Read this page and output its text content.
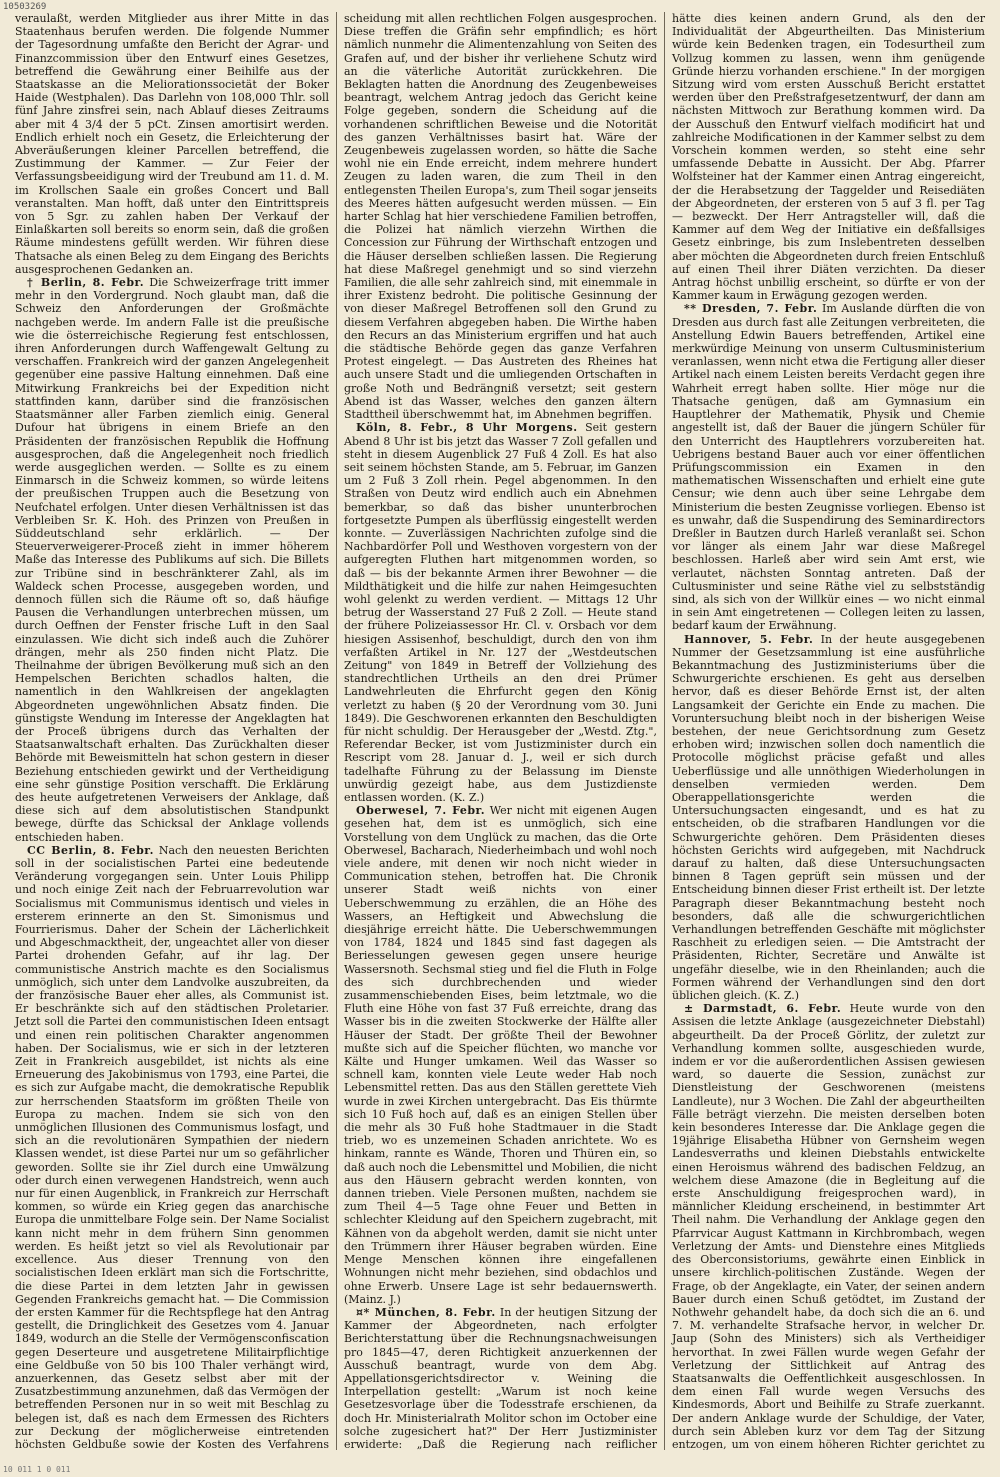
10503269

veraulaßt, werden Mitglieder aus ihrer Mitte in das Staatenhaus berufen werden. Die folgende Nummer der Tagesordnung umfaßte den Bericht der Agrar- und Finanzcommission über den Entwurf eines Gesetzes, betreffend die Gewährung einer Beihilfe aus der Staatskasse an die Meliorationssocietät der Boker Haide (Westphalen). Das Darlehn von 108,000 Thlr. soll fünf Jahre zinsfrei sein, nach Ablauf dieses Zeitraums aber mit 4 3/4 der 5 pCt. Zinsen amortisirt werden. Endlich erhielt noch ein Gesetz, die Erleichterung der Abveräußerungen kleiner Parcellen betreffend, die Zustimmung der Kammer. — Zur Feier der Verfassungsbeeidigung wird der Treubund am 11. d. M. im Krollschen Saale ein großes Concert und Ball veranstalten. Man hofft, daß unter den Eintrittspreis von 5 Sgr. zu zahlen haben Der Verkauf der Einlaßkarten soll bereits so enorm sein, daß die großen Räume mindestens gefüllt werden. Wir führen diese Thatsache als einen Beleg zu dem Eingang des Berichts ausgesprochenen Gedanken an.

† Berlin, 8. Febr. Die Schweizerfrage tritt immer mehr in den Vordergrund. Noch glaubt man, daß die Schweiz den Anforderungen der Großmächte nachgeben werde. Im andern Falle ist die preußische wie die österreichische Regierung fest entschlossen, ihren Anforderungen durch Waffengewalt Geltung zu verschaffen. Frankreich wird der ganzen Angelegenheit gegenüber eine passive Haltung einnehmen. Daß eine Mitwirkung Frankreichs bei der Expedition nicht stattfinden kann, darüber sind die französischen Staatsmänner aller Farben ziemlich einig. General Dufour hat übrigens in einem Briefe an den Präsidenten der französischen Republik die Hoffnung ausgesprochen, daß die Angelegenheit noch friedlich werde ausgeglichen werden. — Sollte es zu einem Einmarsch in die Schweiz kommen, so würde leitens der preußischen Truppen auch die Besetzung von Neufchatel erfolgen. Unter diesen Verhältnissen ist das Verbleiben Sr. K. Hoh. des Prinzen von Preußen in Süddeutschland sehr erklärlich. — Der Steuerverweigerer-Proceß zieht in immer höherem Maße das Interesse des Publikums auf sich. Die Billets zur Tribüne sind in beschränkterer Zahl, als im Waldeck schen Processe, ausgegeben worden, und dennoch füllen sich die Räume oft so, daß häufige Pausen die Verhandlungen unterbrechen müssen, um durch Oeffnen der Fenster frische Luft in den Saal einzulassen. Wie dicht sich indeß auch die Zuhörer drängen, mehr als 250 finden nicht Platz. Die Theilnahme der übrigen Bevölkerung muß sich an den Hempelschen Berichten schadlos halten, die namentlich in den Wahlkreisen der angeklagten Abgeordneten ungewöhnlichen Absatz finden. Die günstigste Wendung im Interesse der Angeklagten hat der Proceß übrigens durch das Verhalten der Staatsanwaltschaft erhalten. Das Zurückhalten dieser Behörde mit Beweismitteln hat schon gestern in dieser Beziehung entschieden gewirkt und der Vertheidigung eine sehr günstige Position verschafft. Die Erklärung des heute aufgetretenen Verweisers der Anklage, daß diese sich auf dem absolutistischen Standpunkt bewege, dürfte das Schicksal der Anklage vollends entschieden haben.

CC Berlin, 8. Febr. Nach den neuesten Berichten soll in der socialistischen Partei eine bedeutende Veränderung vorgegangen sein. Unter Louis Philipp und noch einige Zeit nach der Februarrevolution war Socialismus mit Communismus identisch und vieles in ersterem erinnerte an den St. Simonismus und Fourrierismus. Daher der Schein der Lächerlichkeit und Abgeschmacktheit, der, ungeachtet aller von dieser Partei drohenden Gefahr, auf ihr lag. Der communistische Anstrich machte es den Socialismus unmöglich, sich unter dem Landvolke auszubreiten, da der französische Bauer eher alles, als Communist ist. Er beschränkte sich auf den städtischen Proletarier. Jetzt soll die Partei den communistischen Ideen entsagt und einen rein politischen Charakter angenommen haben. Der Socialismus, wie er sich in der letzteren Zeit in Frankreich ausgebildet, ist nichts als eine Erneuerung des Jakobinismus von 1793, eine Partei, die es sich zur Aufgabe macht, die demokratische Republik zur herrschenden Staatsform im größten Theile von Europa zu machen. Indem sie sich von den unmöglichen Illusionen des Communismus losfagt, und sich an die revolutionären Sympathien der niedern Klassen wendet, ist diese Partei nur um so gefährlicher geworden. Sollte sie ihr Ziel durch eine Umwälzung oder durch einen verwegenen Handstreich, wenn auch nur für einen Augenblick, in Frankreich zur Herrschaft kommen, so würde ein Krieg gegen das anarchische Europa die unmittelbare Folge sein. Der Name Socialist kann nicht mehr in dem frühern Sinn genommen werden. Es heißt jetzt so viel als Revolutionair par excellence. Aus dieser Trennung von den socialistischen Ideen erklärt man sich die Fortschritte, die diese Partei in dem letzten Jahr in gewissen Gegenden Frankreichs gemacht hat. — Die Commission der ersten Kammer für die Rechtspflege hat den Antrag gestellt, die Dringlichkeit des Gesetzes vom 4. Januar 1849, wodurch an die Stelle der Vermögensconfiscation gegen Deserteure und ausgetretene Militairpflichtige eine Geldbuße von 50 bis 100 Thaler verhängt wird, anzuerkennen, das Gesetz selbst aber mit der Zusatzbestimmung anzunehmen, daß das Vermögen der betreffenden Personen nur in so weit mit Beschlag zu belegen ist, daß es nach dem Ermessen des Richters zur Deckung der möglicherweise eintretenden höchsten Geldbuße sowie der Kosten des Verfahrens

scheidung mit allen rechtlichen Folgen ausgesprochen. Diese treffen die Gräfin sehr empfindlich; es hört nämlich nunmehr die Alimentenzahlung von Seiten des Grafen auf, und der bisher ihr verliehene Schutz wird an die väterliche Autorität zurückkehren. Die Beklagten hatten die Anordnung des Zeugenbeweises beantragt, welchem Antrag jedoch das Gericht keine Folge gegeben, sondern die Scheidung auf die vorhandenen schriftlichen Beweise und die Notorität des ganzen Verhältnisses basirt hat. Wäre der Zeugenbeweis zugelassen worden, so hätte die Sache wohl nie ein Ende erreicht, indem mehrere hundert Zeugen zu laden waren, die zum Theil in den entlegensten Theilen Europa's, zum Theil sogar jenseits des Meeres hätten aufgesucht werden müssen. — Ein harter Schlag hat hier verschiedene Familien betroffen, die Polizei hat nämlich vierzehn Wirthen die Concession zur Führung der Wirthschaft entzogen und die Häuser derselben schließen lassen. Die Regierung hat diese Maßregel genehmigt und so sind vierzehn Familien, die alle sehr zahlreich sind, mit einemmale in ihrer Existenz bedroht. Die politische Gesinnung der von dieser Maßregel Betroffenen soll den Grund zu diesem Verfahren abgegeben haben. Die Wirthe haben den Recurs an das Ministerium ergriffen und hat auch die städtische Behörde gegen das ganze Verfahren Protest eingelegt. — Das Austreten des Rheines hat auch unsere Stadt und die umliegenden Ortschaften in große Noth und Bedrängniß versetzt; seit gestern Abend ist das Wasser, welches den ganzen ältern Stadttheil überschwemmt hat, im Abnehmen begriffen.

Köln, 8. Febr., 8 Uhr Morgens. Seit gestern Abend 8 Uhr ist bis jetzt das Wasser 7 Zoll gefallen und steht in diesem Augenblick 27 Fuß 4 Zoll. Es hat also seit seinem höchsten Stande, am 5. Februar, im Ganzen um 2 Fuß 3 Zoll rhein. Pegel abgenommen. In den Straßen von Deutz wird endlich auch ein Abnehmen bemerkbar, so daß das bisher ununterbrochen fortgesetzte Pumpen als überflüssig eingestellt werden konnte. — Zuverlässigen Nachrichten zufolge sind die Nachbardörfer Poll und Westhoven vorgestern von der aufgeregten Fluthen hart mitgenommen worden, so daß — bis der bekannte Armen ihrer Bewohner — die Mildthätigkeit und die hilfe zur nahen Heimgesuchten wohl gelenkt zu werden verdient. — Mittags 12 Uhr betrug der Wasserstand 27 Fuß 2 Zoll. — Heute stand der frühere Polizeiassessor Hr. Cl. v. Orsbach vor dem hiesigen Assisenhof, beschuldigt, durch den von ihm verfaßten Artikel in Nr. 127 der „Westdeutschen Zeitung" von 1849 in Betreff der Vollziehung des standrechtlichen Urtheils an den drei Prümer Landwehrleuten die Ehrfurcht gegen den König verletzt zu haben (§ 20 der Verordnung vom 30. Juni 1849). Die Geschworenen erkannten den Beschuldigten für nicht schuldig. Der Herausgeber der „Westd. Ztg.", Referendar Becker, ist vom Justizminister durch ein Rescript vom 28. Januar d. J., weil er sich durch tadelhafte Führung zu der Belassung im Dienste unwürdig gezeigt habe, aus dem Justizdienste entlassen worden. (K. Z.)

Oberwesel, 7. Febr. Wer nicht mit eigenen Augen gesehen hat, dem ist es unmöglich, sich eine Vorstellung von dem Unglück zu machen, das die Orte Oberwesel, Bacharach, Niederheimbach und wohl noch viele andere, mit denen wir noch nicht wieder in Communication stehen, betroffen hat. Die Chronik unserer Stadt weiß nichts von einer Ueberschwemmung zu erzählen, die an Höhe des Wassers, an Heftigkeit und Abwechslung die diesjährige erreicht hätte. Die Ueberschwemmungen von 1784, 1824 und 1845 sind fast dagegen als Beriesselungen gewesen gegen unsere heurige Wassersnoth. Sechsmal stieg und fiel die Fluth in Folge des sich durchbrechenden und wieder zusammenschiebenden Eises, beim letztmale, wo die Fluth eine Höhe von fast 37 Fuß erreichte, drang das Wasser bis in die zweiten Stockwerke der Hälfte aller Häuser der Stadt. Der größte Theil der Bewohner mußte sich auf die Speicher flüchten, wo manche vor Kälte und Hunger umkamen. Weil das Wasser so schnell kam, konnten viele Leute weder Hab noch Lebensmittel retten. Das aus den Ställen gerettete Vieh wurde in zwei Kirchen untergebracht. Das Eis thürmte sich 10 Fuß hoch auf, daß es an einigen Stellen über die mehr als 30 Fuß hohe Stadtmauer in die Stadt trieb, wo es unzemeinen Schaden anrichtete. Wo es hinkam, rannte es Wände, Thoren und Thüren ein, so daß auch noch die Lebensmittel und Mobilien, die nicht aus den Häusern gebracht werden konnten, von dannen trieben. Viele Personen mußten, nachdem sie zum Theil 4—5 Tage ohne Feuer und Betten in schlechter Kleidung auf den Speichern zugebracht, mit Kähnen von da abgeholt werden, damit sie nicht unter den Trümmern ihrer Häuser begraben würden. Eine Menge Menschen können ihre eingefallenen Wohnungen nicht mehr beziehen, sind obdachlos und ohne Erwerb. Unsere Lage ist sehr bedauernswerth. (Mainz. J.)

¤* München, 8. Febr. In der heutigen Sitzung der Kammer der Abgeordneten, nach erfolgter Berichterstattung über die Rechnungsnachweisungen pro 1845—47, deren Richtigkeit anzuerkennen der Ausschuß beantragt, wurde von dem Abg. Appellationsgerichtsdirector v. Weining die Interpellation gestellt: „Warum ist noch keine Gesetzesvorlage über die Todesstrafe erschienen, da doch Hr. Ministerialrath Molitor schon im October eine solche zugesichert hat?" Der Herr Justizminister erwiderte: „Daß die Regierung nach reiflicher

hätte dies keinen andern Grund, als den der Individualität der Abgeurtheilten. Das Ministerium würde kein Bedenken tragen, ein Todesurtheil zum Vollzug kommen zu lassen, wenn ihm genügende Gründe hierzu vorhanden erschiene." In der morgigen Sitzung wird vom ersten Ausschuß Bericht erstattet werden über den Preßstrafgesetzentwurf, der dann am nächsten Mittwoch zur Berathung kommen wird. Da der Ausschuß den Entwurf vielfach modificirt hat und zahlreiche Modificationen in der Kammer selbst zu dem Vorschein kommen werden, so steht eine sehr umfassende Debatte in Aussicht. Der Abg. Pfarrer Wolfsteiner hat der Kammer einen Antrag eingereicht, der die Herabsetzung der Taggelder und Reisediäten der Abgeordneten, der ersteren von 5 auf 3 fl. per Tag — bezweckt. Der Herr Antragsteller will, daß die Kammer auf dem Weg der Initiative ein deßfallsiges Gesetz einbringe, bis zum Inslebentreten desselben aber möchten die Abgeordneten durch freien Entschluß auf einen Theil ihrer Diäten verzichten. Da dieser Antrag höchst unbillig erscheint, so dürfte er von der Kammer kaum in Erwägung gezogen werden.

** Dresden, 7. Febr. Im Auslande dürften die von Dresden aus durch fast alle Zeitungen verbreiteten, die Anstellung Edwin Bauers betreffenden, Artikel eine merkwürdige Meinung von unserm Cultusministerium veranlassen, wenn nicht etwa die Fertigung aller dieser Artikel nach einem Leisten bereits Verdacht gegen ihre Wahrheit erregt haben sollte. Hier möge nur die Thatsache genügen, daß am Gymnasium ein Hauptlehrer der Mathematik, Physik und Chemie angestellt ist, daß der Bauer die jüngern Schüler für den Unterricht des Hauptlehrers vorzubereiten hat. Uebrigens bestand Bauer auch vor einer öffentlichen Prüfungscommission ein Examen in den mathematischen Wissenschaften und erhielt eine gute Censur; wie denn auch über seine Lehrgabe dem Ministerium die besten Zeugnisse vorliegen. Ebenso ist es unwahr, daß die Suspendirung des Seminardirectors Dreßler in Bautzen durch Harleß veranlaßt sei. Schon vor länger als einem Jahr war diese Maßregel beschlossen. Harleß aber wird sein Amt erst, wie verlautet, nächsten Sonntag antreten. Daß der Cultusminister und seine Räthe viel zu selbstständig sind, als sich von der Willkür eines — wo nicht einmal in sein Amt eingetretenen — Collegen leiten zu lassen, bedarf kaum der Erwähnung.

Hannover, 5. Febr. In der heute ausgegebenen Nummer der Gesetzsammlung ist eine ausführliche Bekanntmachung des Justizministeriums über die Schwurgerichte erschienen. Es geht aus derselben hervor, daß es dieser Behörde Ernst ist, der alten Langsamkeit der Gerichte ein Ende zu machen. Die Voruntersuchung bleibt noch in der bisherigen Weise bestehen, der neue Gerichtsordnung zum Gesetz erhoben wird; inzwischen sollen doch namentlich die Protocolle möglichst präcise gefaßt und alles Ueberflüssige und alle unnöthigen Wiederholungen in denselben vermieden werden. Dem Oberappellationsgerichte werden die Untersuchungsacten eingesandt, und es hat zu entscheiden, ob die strafbaren Handlungen vor die Schwurgerichte gehören. Dem Präsidenten dieses höchsten Gerichts wird aufgegeben, mit Nachdruck darauf zu halten, daß diese Untersuchungsacten binnen 8 Tagen geprüft sein müssen und der Entscheidung binnen dieser Frist ertheilt ist. Der letzte Paragraph dieser Bekanntmachung besteht noch besonders, daß alle die schwurgerichtlichen Verhandlungen betreffenden Geschäfte mit möglichster Raschheit zu erledigen seien. — Die Amtstracht der Präsidenten, Richter, Secretäre und Anwälte ist ungefähr dieselbe, wie in den Rheinlanden; auch die Formen während der Verhandlungen sind den dort üblichen gleich. (K. Z.)

± Darmstadt, 6. Febr. Heute wurde von den Assisen die letzte Anklage (ausgezeichneter Diebstahl) abgeurtheilt. Da der Proceß Görlitz, der zuletzt zur Verhandlung kommen sollte, ausgeschieden wurde, indem er vor die außerordentlichen Assisen gewiesen ward, so dauerte die Session, zunächst zur Dienstleistung der Geschworenen (meistens Landleute), nur 3 Wochen. Die Zahl der abgeurtheilten Fälle beträgt vierzehn. Die meisten derselben boten kein besonderes Interesse dar. Die Anklage gegen die 19jährige Elisabetha Hübner von Gernsheim wegen Landesverraths und kleinen Diebstahls entwickelte einen Heroismus während des badischen Feldzug, an welchem diese Amazone (die in Begleitung auf die erste Anschuldigung freigesprochen ward), in männlicher Kleidung erscheinend, in bestimmter Art Theil nahm. Die Verhandlung der Anklage gegen den Pfarrvicar August Kattmann in Kirchbrombach, wegen Verletzung der Amts- und Dienstehre eines Mitglieds des Oberconsistoriums, gewährte einen Einblick in unsere kirchlich-politischen Zustände. Wegen der Frage, ob der Angeklagte, ein Vater, der seinen andern Bauer durch einen Schuß getödtet, im Zustand der Nothwehr gehandelt habe, da doch sich die an 6. und 7. M. verhandelte Strafsache hervor, in welcher Dr. Jaup (Sohn des Ministers) sich als Vertheidiger hervorthat. In zwei Fällen wurde wegen Gefahr der Verletzung der Sittlichkeit auf Antrag des Staatsanwalts die Oeffentlichkeit ausgeschlossen. In dem einen Fall wurde wegen Versuchs des Kindesmords, Abort und Beihilfe zu Strafe zuerkannt. Der andern Anklage wurde der Schuldige, der Vater, durch sein Ableben kurz vor dem Tag der Sitzung entzogen, um von einem höheren Richter gerichtet zu

10 011 1 0 011
